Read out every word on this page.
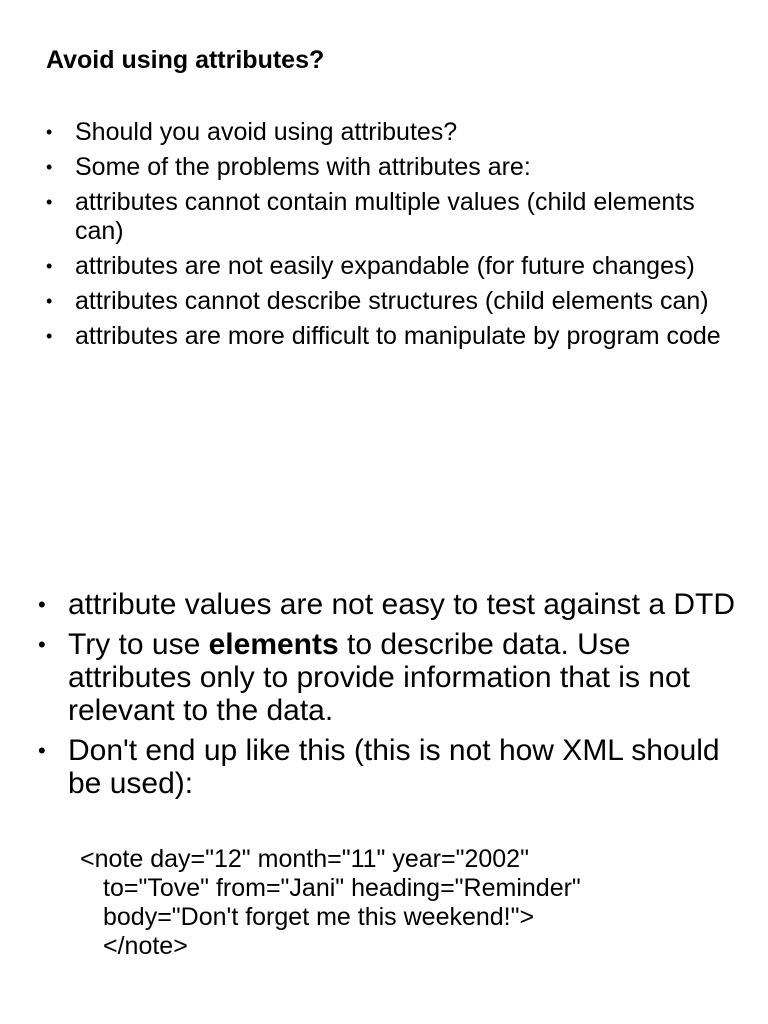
Avoid using attributes?
• Should you avoid using attributes?
• Some of the problems with attributes are:
• attributes cannot contain multiple values (child elements can)
• attributes are not easily expandable (for future changes)
• attributes cannot describe structures (child elements can)
• attributes are more difficult to manipulate by program code
• attribute values are not easy to test against a DTD
• Try to use elements to describe data. Use attributes only to provide information that is not relevant to the data.
• Don't end up like this (this is not how XML should be used):
<note day="12" month="11" year="2002"
to="Tove" from="Jani" heading="Reminder"
body="Don't forget me this weekend!">
</note>
